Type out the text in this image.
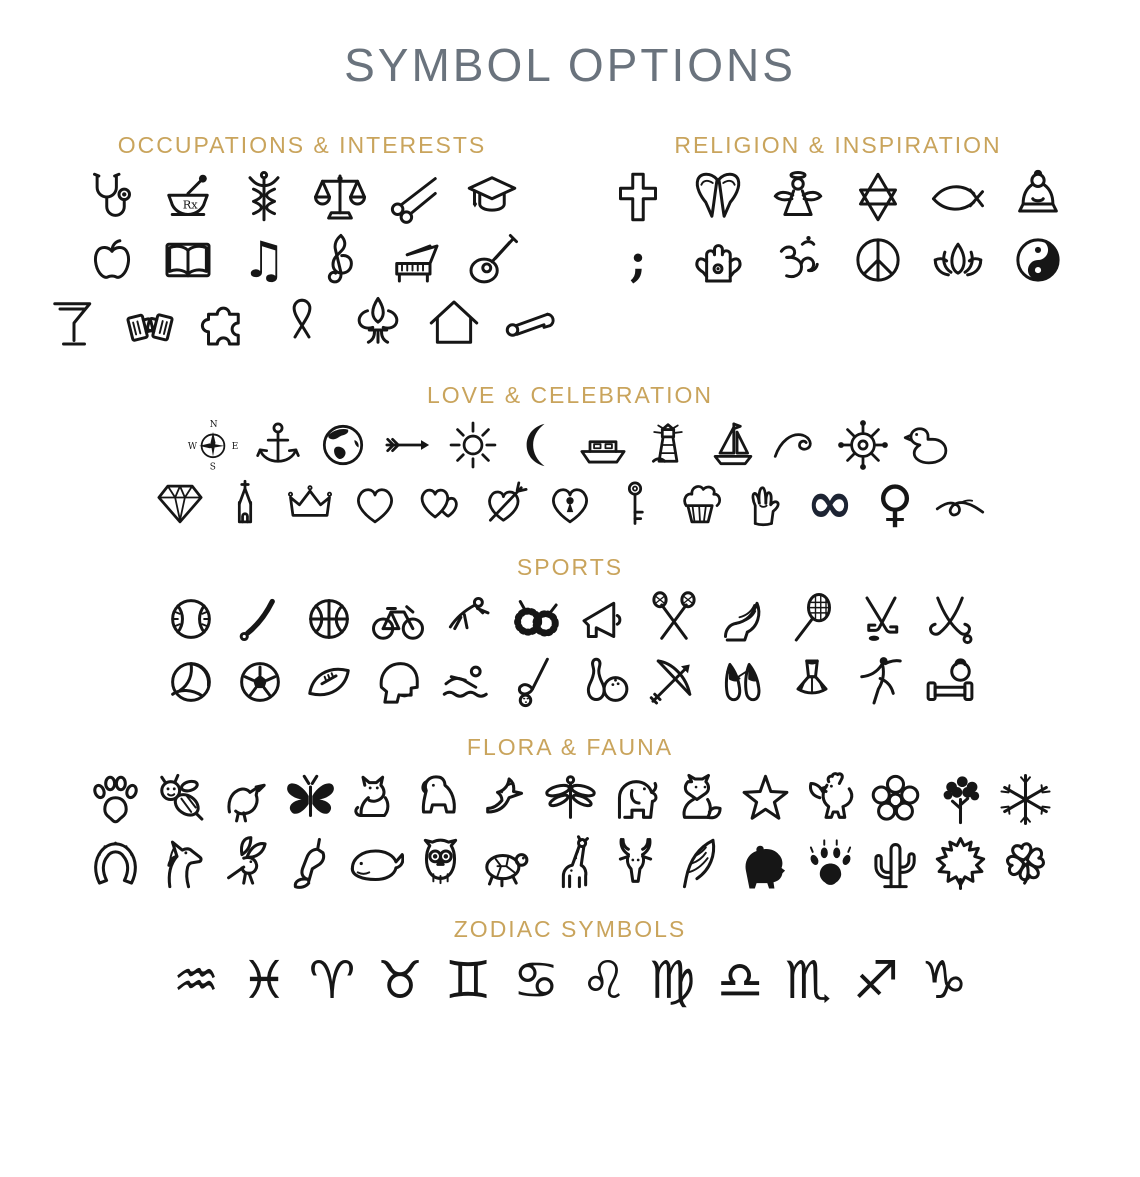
SYMBOL OPTIONS
OCCUPATIONS & INTERESTS
Rx
♫
RELIGION & INSPIRATION
;
LOVE & CELEBRATION
N
S
W	E
∞ ♀
SPORTS
FLORA & FAUNA
ZODIAC SYMBOLS
♒ ♓ ♈ ♉ ♊ ♋ ♌ ♍ ♎ ♏ ♐ ♑
